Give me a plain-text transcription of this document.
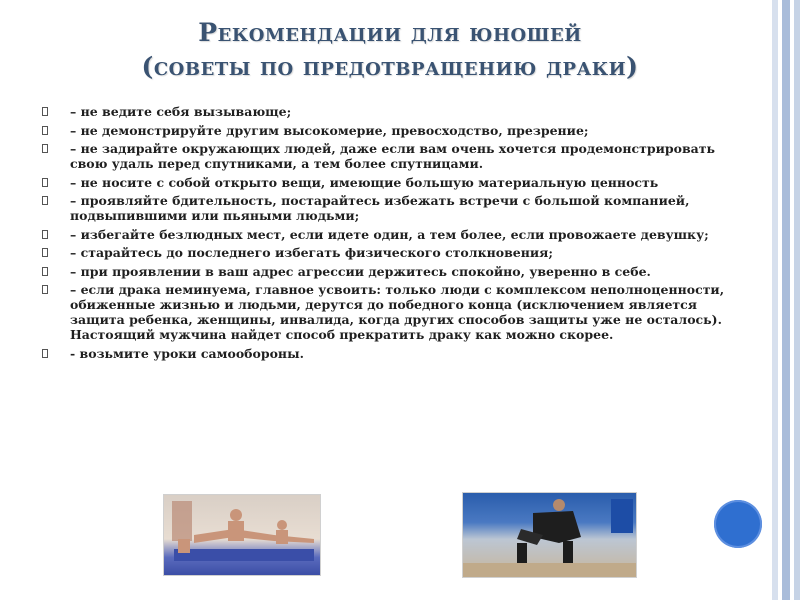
Рекомендации для юношей

(советы по предотвращению драки)

– не ведите себя вызывающе;
– не демонстрируйте другим высокомерие, превосходство, презрение;
– не задирайте окружающих людей, даже если вам очень хочется продемонстрировать свою удаль перед спутниками, а тем более спутницами.
– не носите с собой открыто вещи, имеющие большую материальную ценность
– проявляйте бдительность, постарайтесь избежать встречи с большой компанией, подвыпившими или пьяными людьми;
– избегайте безлюдных мест, если идете один, а тем более, если провожаете девушку;
– старайтесь до последнего избегать физического столкновения;
– при проявлении в ваш адрес агрессии держитесь спокойно, уверенно в себе.
– если драка неминуема, главное усвоить: только люди с комплексом неполноценности, обиженные жизнью и людьми, дерутся до победного конца (исключением является защита ребенка, женщины, инвалида, когда других способов защиты уже не осталось). Настоящий мужчина найдет способ прекратить драку как можно скорее.
- возьмите уроки самообороны.
